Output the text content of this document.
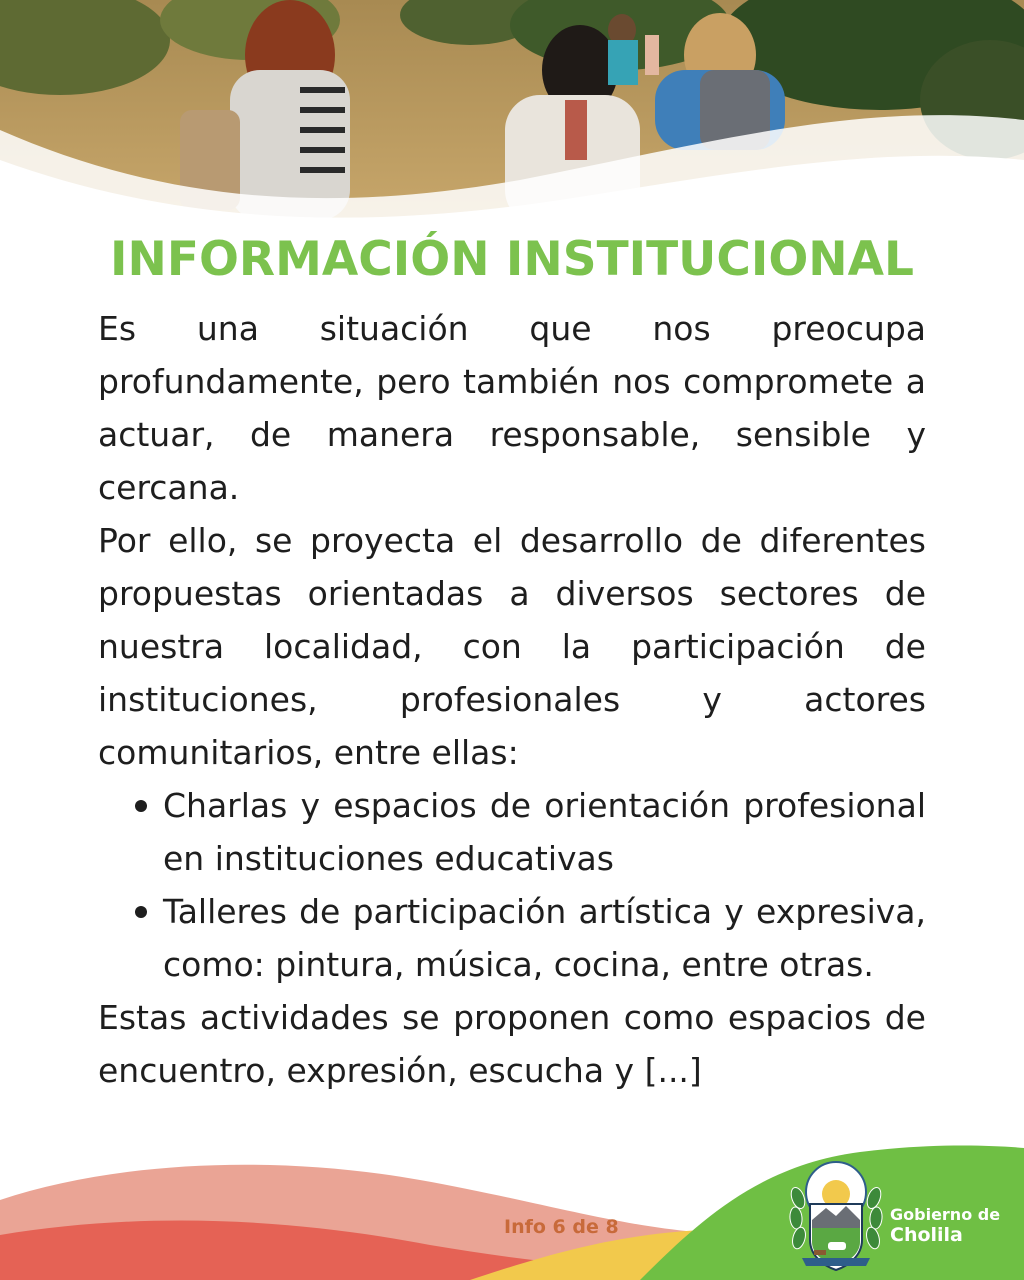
INFORMACIÓN INSTITUCIONAL

Es una situación que nos preocupa profundamente, pero también nos compromete a actuar, de manera responsable, sensible y cercana.

Por ello, se proyecta el desarrollo de diferentes propuestas orientadas a diversos sectores de nuestra localidad, con la participación de instituciones, profesionales y actores comunitarios, entre ellas:

Charlas y espacios de orientación profesional en instituciones educativas
Talleres de participación artística y expresiva, como: pintura, música, cocina, entre otras.

Estas actividades se proponen como espacios de encuentro, expresión, escucha y [...]

Info 6 de 8
Gobierno de
Cholila
